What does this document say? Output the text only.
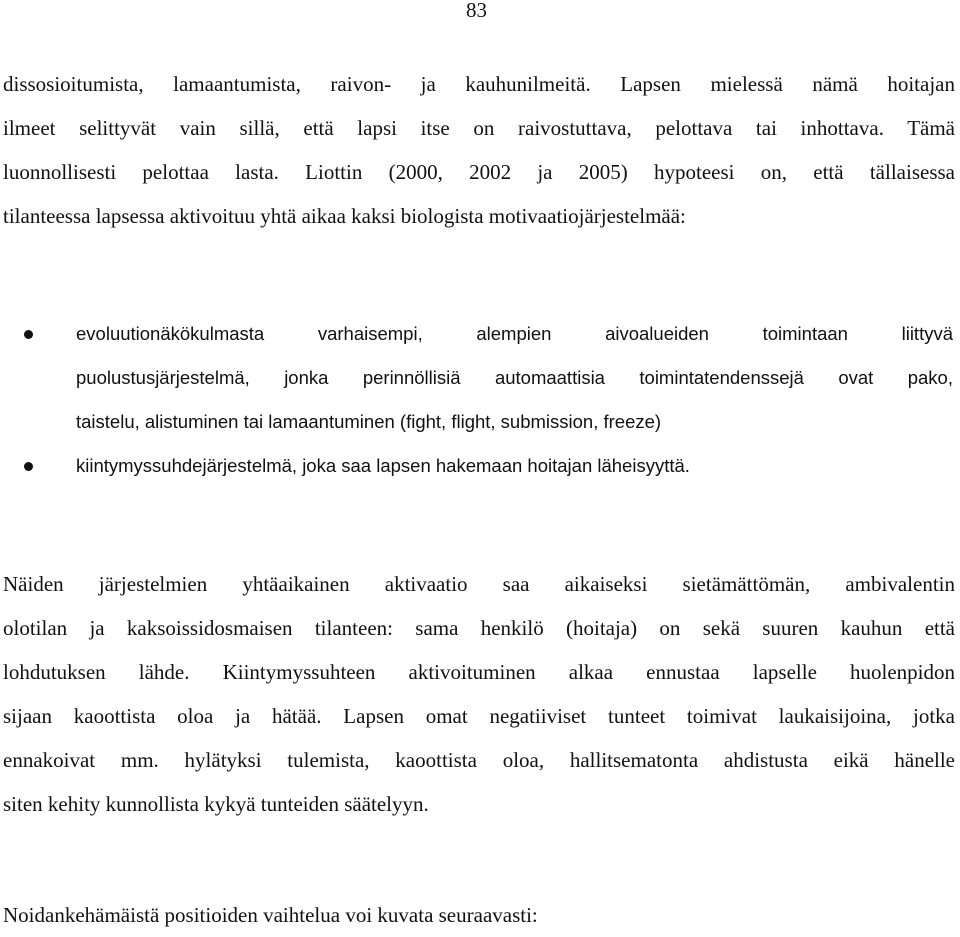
83
dissosioitumista, lamaantumista, raivon- ja kauhunilmeitä. Lapsen mielessä nämä hoitajan
ilmeet selittyvät vain sillä, että lapsi itse on raivostuttava, pelottava tai inhottava. Tämä
luonnollisesti pelottaa lasta. Liottin (2000, 2002 ja 2005) hypoteesi on, että tällaisessa
tilanteessa lapsessa aktivoituu yhtä aikaa kaksi biologista motivaatiojärjestelmää:
evoluutionäkökulmasta varhaisempi, alempien aivoalueiden toimintaan liittyvä
puolustusjärjestelmä, jonka perinnöllisiä automaattisia toimintatendenssejä ovat pako,
taistelu, alistuminen tai lamaantuminen (fight, flight, submission, freeze)
kiintymyssuhdejärjestelmä, joka saa lapsen hakemaan hoitajan läheisyyttä.
Näiden järjestelmien yhtäaikainen aktivaatio saa aikaiseksi sietämättömän, ambivalentin
olotilan ja kaksoissidosmaisen tilanteen: sama henkilö (hoitaja) on sekä suuren kauhun että
lohdutuksen lähde. Kiintymyssuhteen aktivoituminen alkaa ennustaa lapselle huolenpidon
sijaan kaoottista oloa ja hätää. Lapsen omat negatiiviset tunteet toimivat laukaisijoina, jotka
ennakoivat mm. hylätyksi tulemista, kaoottista oloa, hallitsematonta ahdistusta eikä hänelle
siten kehity kunnollista kykyä tunteiden säätelyyn.
Noidankehämäistä positioiden vaihtelua voi kuvata seuraavasti:
